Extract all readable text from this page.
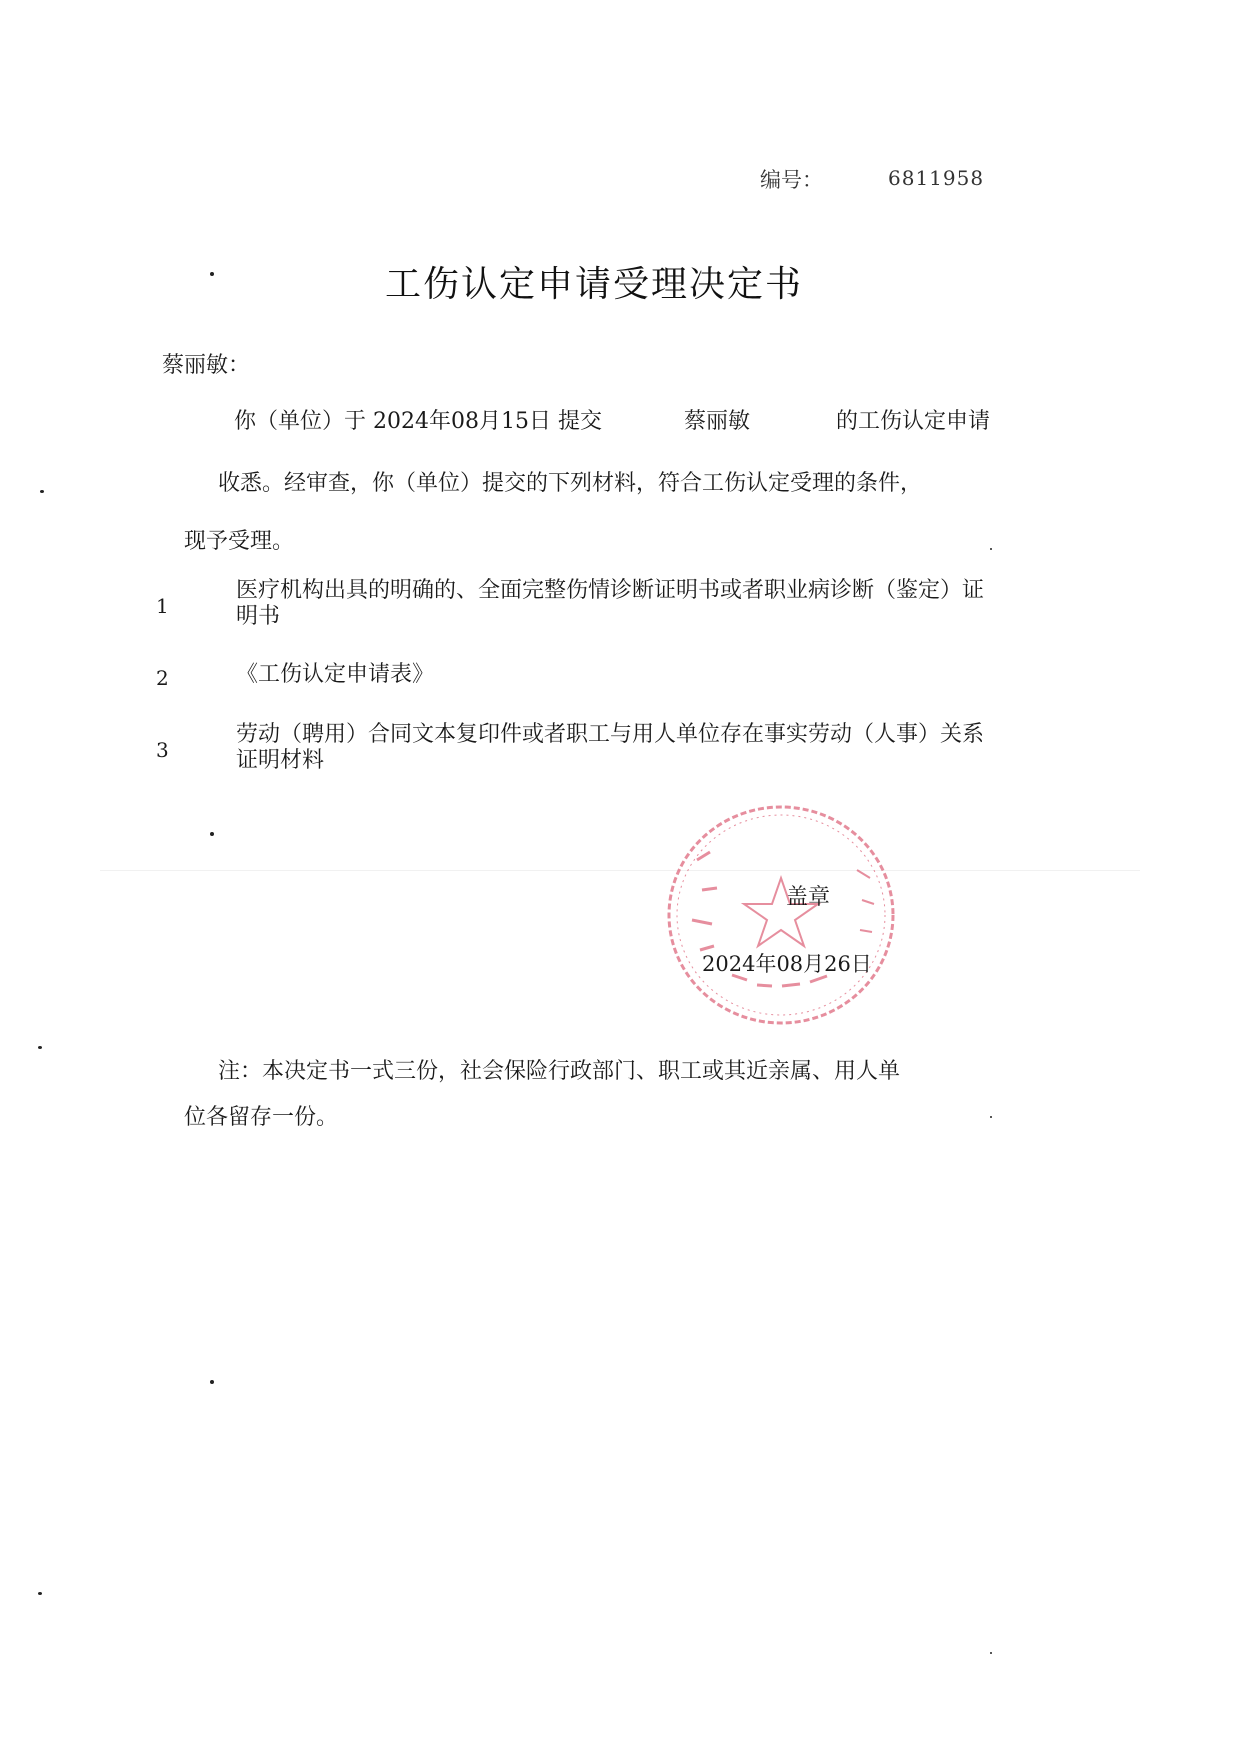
编号：	6811958
工伤认定申请受理决定书
蔡丽敏：
你（单位）于 2024年08月15日 提交	蔡丽敏	的工伤认定申请
收悉。经审查，你（单位）提交的下列材料，符合工伤认定受理的条件，
现予受理。
1
医疗机构出具的明确的、全面完整伤情诊断证明书或者职业病诊断（鉴定）证明书
2	《工伤认定申请表》
3
劳动（聘用）合同文本复印件或者职工与用人单位存在事实劳动（人事）关系证明材料
盖章
2024年08月26日
注：本决定书一式三份，社会保险行政部门、职工或其近亲属、用人单
位各留存一份。
